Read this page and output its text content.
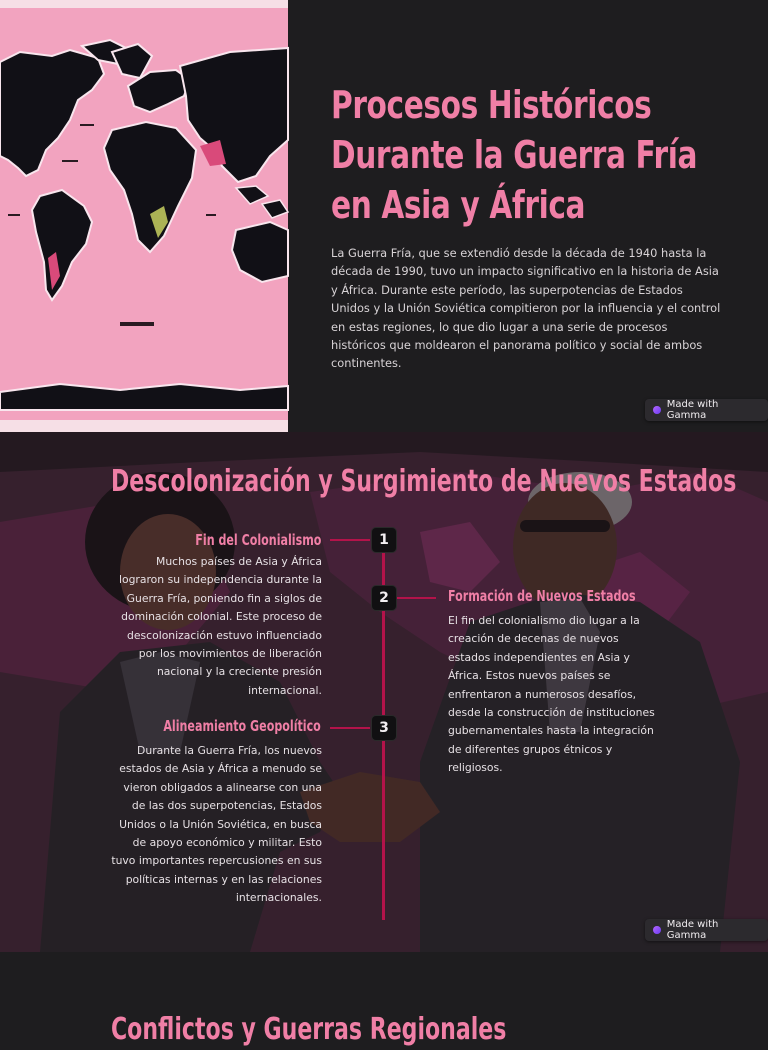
Procesos Históricos Durante la Guerra Fría en Asia y África

La Guerra Fría, que se extendió desde la década de 1940 hasta la década de 1990, tuvo un impacto significativo en la historia de Asia y África. Durante este período, las superpotencias de Estados Unidos y la Unión Soviética compitieron por la influencia y el control en estas regiones, lo que dio lugar a una serie de procesos históricos que moldearon el panorama político y social de ambos continentes.

Made with Gamma
Descolonización y Surgimiento de Nuevos Estados
1
Fin del Colonialismo

Muchos países de Asia y África lograron su independencia durante la Guerra Fría, poniendo fin a siglos de dominación colonial. Este proceso de descolonización estuvo influenciado por los movimientos de liberación nacional y la creciente presión internacional.

2	Formación de Nuevos Estados

El fin del colonialismo dio lugar a la creación de decenas de nuevos estados independientes en Asia y África. Estos nuevos países se enfrentaron a numerosos desafíos, desde la construcción de instituciones gubernamentales hasta la integración de diferentes grupos étnicos y religiosos.

3
Alineamiento Geopolítico

Durante la Guerra Fría, los nuevos estados de Asia y África a menudo se vieron obligados a alinearse con una de las dos superpotencias, Estados Unidos o la Unión Soviética, en busca de apoyo económico y militar. Esto tuvo importantes repercusiones en sus políticas internas y en las relaciones internacionales.

Made with Gamma
Conflictos y Guerras Regionales
